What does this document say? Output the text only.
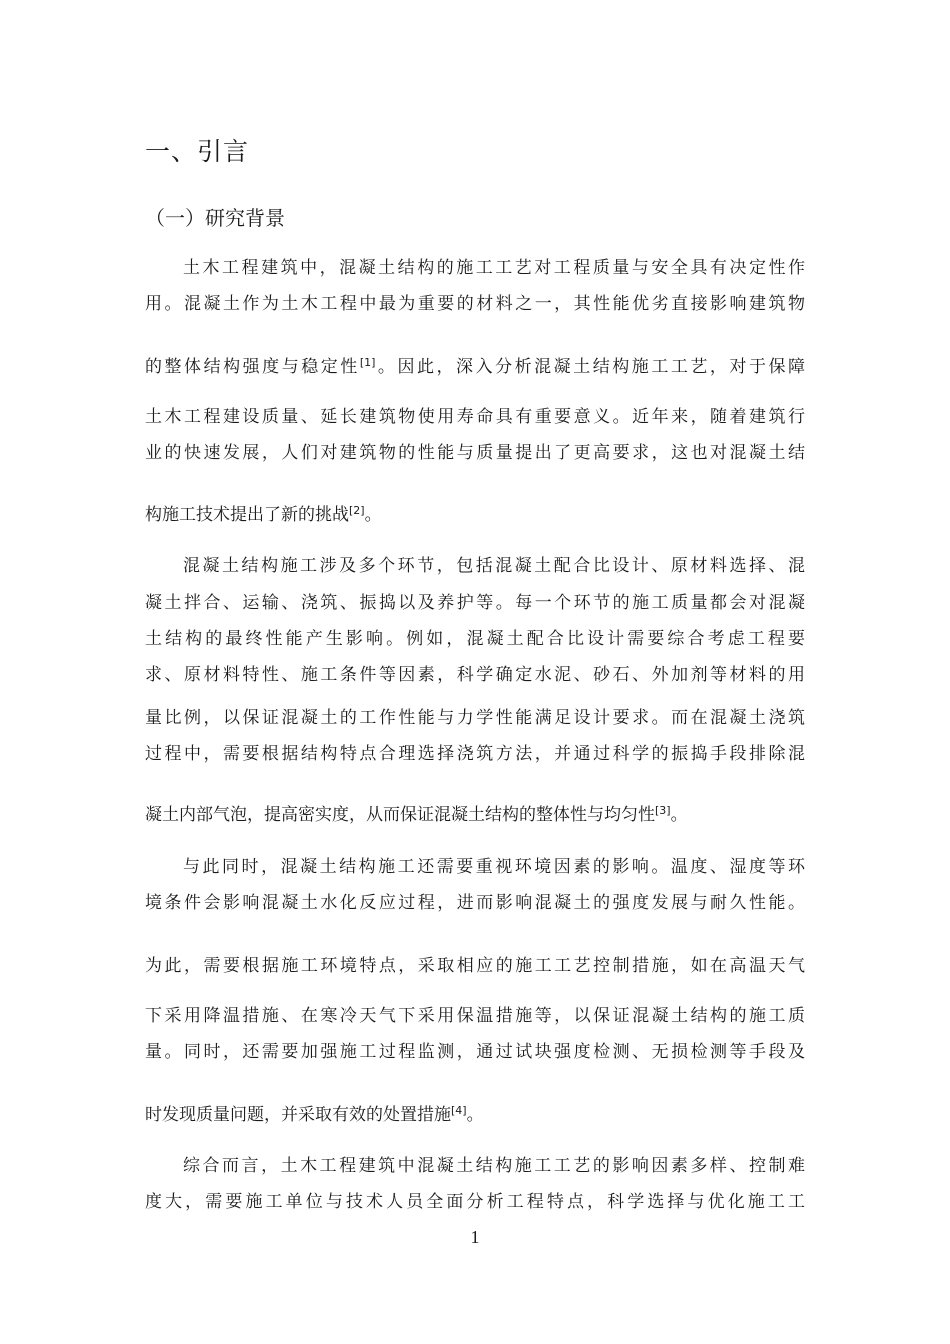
一、引言
（一）研究背景

土木工程建筑中，混凝土结构的施工工艺对工程质量与安全具有决定性作

用。混凝土作为土木工程中最为重要的材料之一，其性能优劣直接影响建筑物

的整体结构强度与稳定性[1]。因此，深入分析混凝土结构施工工艺，对于保障

土木工程建设质量、延长建筑物使用寿命具有重要意义。近年来，随着建筑行

业的快速发展，人们对建筑物的性能与质量提出了更高要求，这也对混凝土结

构施工技术提出了新的挑战[2]。

混凝土结构施工涉及多个环节，包括混凝土配合比设计、原材料选择、混

凝土拌合、运输、浇筑、振捣以及养护等。每一个环节的施工质量都会对混凝

土结构的最终性能产生影响。例如，混凝土配合比设计需要综合考虑工程要

求、原材料特性、施工条件等因素，科学确定水泥、砂石、外加剂等材料的用

量比例，以保证混凝土的工作性能与力学性能满足设计要求。而在混凝土浇筑

过程中，需要根据结构特点合理选择浇筑方法，并通过科学的振捣手段排除混

凝土内部气泡，提高密实度，从而保证混凝土结构的整体性与均匀性[3]。

与此同时，混凝土结构施工还需要重视环境因素的影响。温度、湿度等环

境条件会影响混凝土水化反应过程，进而影响混凝土的强度发展与耐久性能。

为此，需要根据施工环境特点，采取相应的施工工艺控制措施，如在高温天气

下采用降温措施、在寒冷天气下采用保温措施等，以保证混凝土结构的施工质

量。同时，还需要加强施工过程监测，通过试块强度检测、无损检测等手段及

时发现质量问题，并采取有效的处置措施[4]。

综合而言，土木工程建筑中混凝土结构施工工艺的影响因素多样、控制难

度大，需要施工单位与技术人员全面分析工程特点，科学选择与优化施工工

1
